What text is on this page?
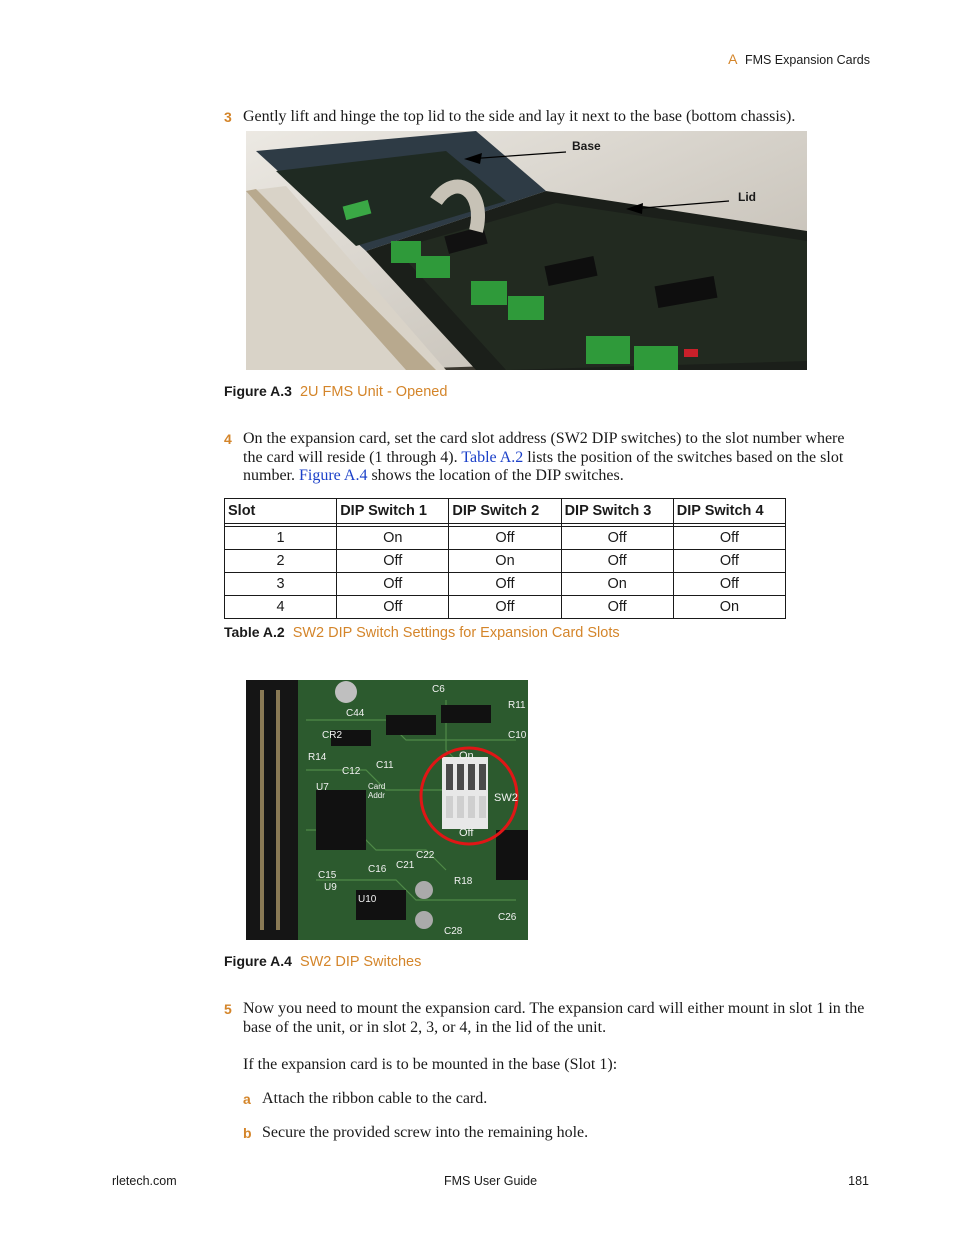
A FMS Expansion Cards
3 Gently lift and hinge the top lid to the side and lay it next to the base (bottom chassis).
Base
Lid
Figure A.3 2U FMS Unit - Opened
4 On the expansion card, set the card slot address (SW2 DIP switches) to the slot number where the card will reside (1 through 4). Table A.2 lists the position of the switches based on the slot number. Figure A.4 shows the location of the DIP switches.
Slot	DIP Switch 1	DIP Switch 2	DIP Switch 3	DIP Switch 4

1	On	Off	Off	Off
2	Off	On	Off	Off
3	Off	Off	On	Off
4	Off	Off	Off	On
Table A.2 SW2 DIP Switch Settings for Expansion Card Slots
On
Off
SW2
C44
C12
U7
C16
C15
U9
U10
C28
C26
C6
R11
C10
R18
C21
C22
R14
C11
CR2
Card
Addr
Figure A.4 SW2 DIP Switches
5 Now you need to mount the expansion card. The expansion card will either mount in slot 1 in the base of the unit, or in slot 2, 3, or 4, in the lid of the unit.
If the expansion card is to be mounted in the base (Slot 1):
a Attach the ribbon cable to the card.
b Secure the provided screw into the remaining hole.
rletech.com	FMS User Guide	181
